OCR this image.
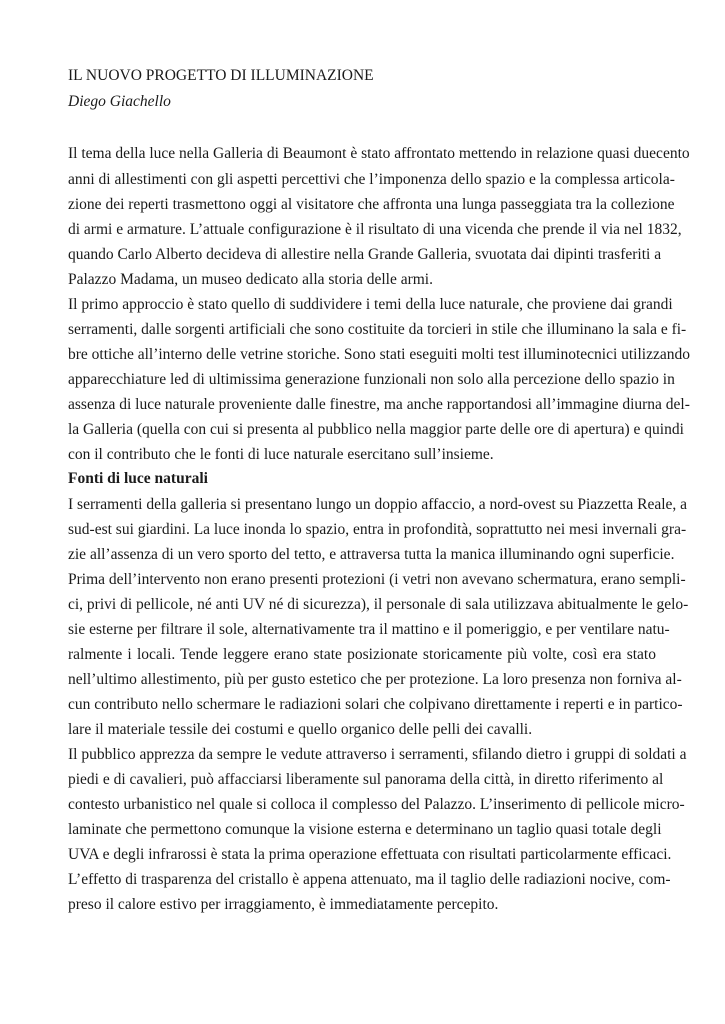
IL NUOVO PROGETTO DI ILLUMINAZIONE

Diego Giachello

Il tema della luce nella Galleria di Beaumont è stato affrontato mettendo in relazione quasi duecento

anni di allestimenti con gli aspetti percettivi che l’imponenza dello spazio e la complessa articola-

zione dei reperti trasmettono oggi al visitatore che affronta una lunga passeggiata tra la collezione

di armi e armature. L’attuale configurazione è il risultato di una vicenda che prende il via nel 1832,

quando Carlo Alberto decideva di allestire nella Grande Galleria, svuotata dai dipinti trasferiti a

Palazzo Madama, un museo dedicato alla storia delle armi.

Il primo approccio è stato quello di suddividere i temi della luce naturale, che proviene dai grandi

serramenti, dalle sorgenti artificiali che sono costituite da torcieri in stile che illuminano la sala e fi-

bre ottiche all’interno delle vetrine storiche. Sono stati eseguiti molti test illuminotecnici utilizzando

apparecchiature led di ultimissima generazione funzionali non solo alla percezione dello spazio in

assenza di luce naturale proveniente dalle finestre, ma anche rapportandosi all’immagine diurna del-

la Galleria (quella con cui si presenta al pubblico nella maggior parte delle ore di apertura) e quindi

con il contributo che le fonti di luce naturale esercitano sull’insieme.

Fonti di luce naturali

I serramenti della galleria si presentano lungo un doppio affaccio, a nord-ovest su Piazzetta Reale, a

sud-est sui giardini. La luce inonda lo spazio, entra in profondità, soprattutto nei mesi invernali gra-

zie all’assenza di un vero sporto del tetto, e attraversa tutta la manica illuminando ogni superficie.

Prima dell’intervento non erano presenti protezioni (i vetri non avevano schermatura, erano sempli-

ci, privi di pellicole, né anti UV né di sicurezza), il personale di sala utilizzava abitualmente le gelo-

sie esterne per filtrare il sole, alternativamente tra il mattino e il pomeriggio, e per ventilare natu-

ralmente i locali. Tende leggere erano state posizionate storicamente più volte, così era stato

nell’ultimo allestimento, più per gusto estetico che per protezione. La loro presenza non forniva al-

cun contributo nello schermare le radiazioni solari che colpivano direttamente i reperti e in partico-

lare il materiale tessile dei costumi e quello organico delle pelli dei cavalli.

Il pubblico apprezza da sempre le vedute attraverso i serramenti, sfilando dietro i gruppi di soldati a

piedi e di cavalieri, può affacciarsi liberamente sul panorama della città, in diretto riferimento al

contesto urbanistico nel quale si colloca il complesso del Palazzo. L’inserimento di pellicole micro-

laminate che permettono comunque la visione esterna e determinano un taglio quasi totale degli

UVA e degli infrarossi è stata la prima operazione effettuata con risultati particolarmente efficaci.

L’effetto di trasparenza del cristallo è appena attenuato, ma il taglio delle radiazioni nocive, com-

preso il calore estivo per irraggiamento, è immediatamente percepito.
